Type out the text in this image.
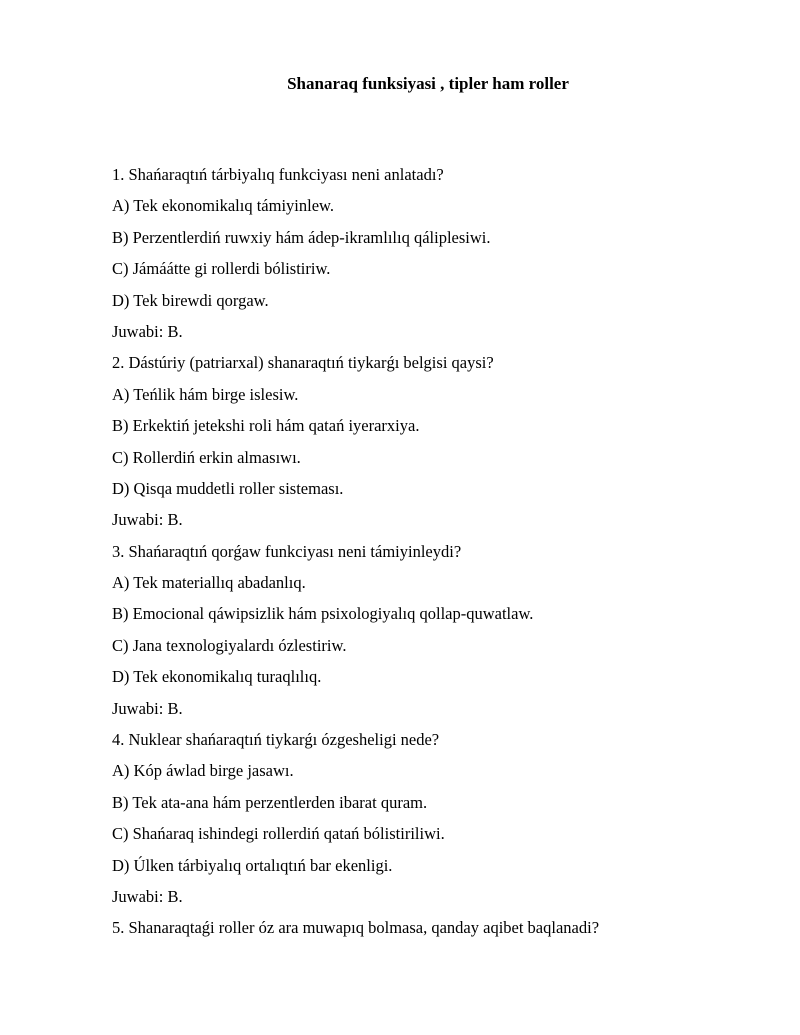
Shanaraq funksiyasi , tipler ham roller
1. Shańaraqtıń tárbiyalıq funkciyası neni anlatadı?
A) Tek ekonomikalıq támiyinlew.
B) Perzentlerdiń ruwxiy hám ádep-ikramlılıq qáliplesiwi.
C) Jámáátte gi rollerdi bólistiriw.
D) Tek birewdi qorgaw.
Juwabi: B.
2. Dástúriy (patriarxal) shanaraqtıń tiykarǵı belgisi qaysi?
A) Teńlik hám birge islesiw.
B) Erkektiń jetekshi roli hám qatań iyerarxiya.
C) Rollerdiń erkin almasıwı.
D) Qisqa muddetli roller sisteması.
Juwabi: B.
3. Shańaraqtıń qorǵaw funkciyası neni támiyinleydi?
A) Tek materiallıq abadanlıq.
B) Emocional qáwipsizlik hám psixologiyalıq qollap-quwatlaw.
C) Jana texnologiyalardı ózlestiriw.
D) Tek ekonomikalıq turaqlılıq.
Juwabi: B.
4. Nuklear shańaraqtıń tiykarǵı ózgesheligi nede?
A) Kóp áwlad birge jasawı.
B) Tek ata-ana hám perzentlerden ibarat quram.
C) Shańaraq ishindegi rollerdiń qatań bólistiriliwi.
D) Úlken tárbiyalıq ortalıqtıń bar ekenligi.
Juwabi: B.
5. Shanaraqtaǵi roller óz ara muwapıq bolmasa, qanday aqibet baqlanadi?
